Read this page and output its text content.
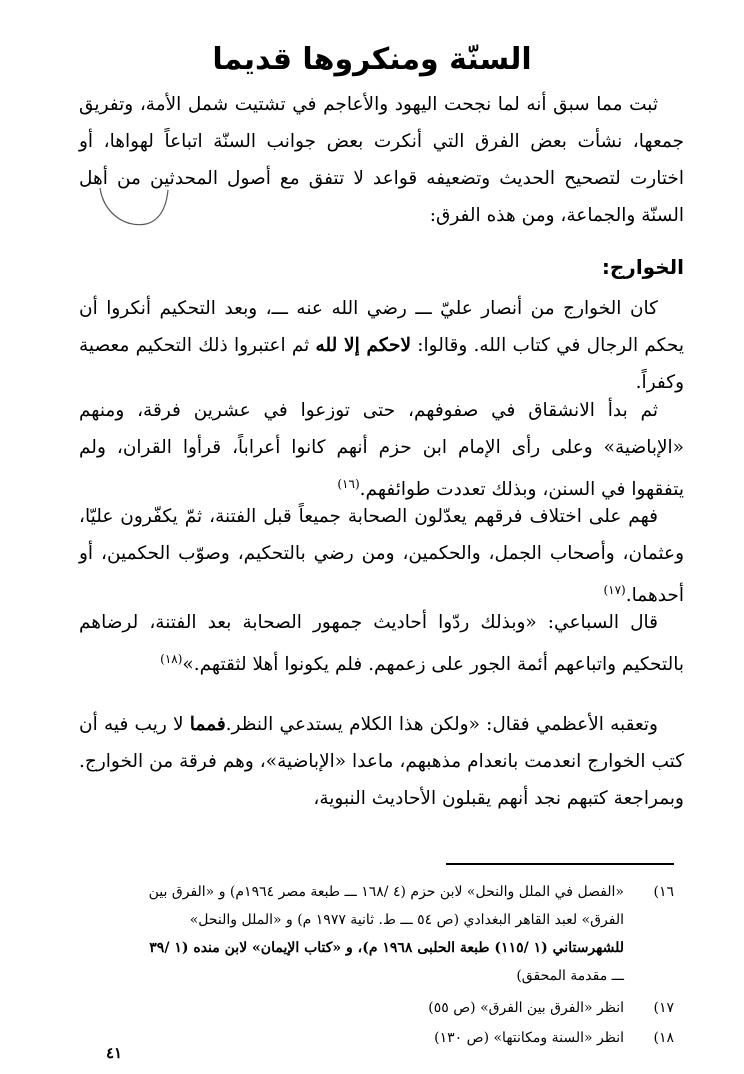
السنّة ومنكروها قديما
ثبت مما سبق أنه لما نجحت اليهود والأعاجم في تشتيت شمل الأمة، وتفريق جمعها، نشأت بعض الفرق التي أنكرت بعض جوانب السنّة اتباعاً لهواها، أو اختارت لتصحيح الحديث وتضعيفه قواعد لا تتفق مع أصول المحدثين من أهل السنّة والجماعة، ومن هذه الفرق:
الخوارج:
كان الخوارج من أنصار عليّ ـــ رضي الله عنه ـــ، وبعد التحكيم أنكروا أن يحكم الرجال في كتاب الله. وقالوا: لاحكم إلا لله ثم اعتبروا ذلك التحكيم معصية وكفراً.
ثم بدأ الانشقاق في صفوفهم، حتى توزعوا في عشرين فرقة، ومنهم «الإباضية» وعلى رأى الإمام ابن حزم أنهم كانوا أعراباً، قرأوا القران، ولم يتفقهوا في السنن، وبذلك تعددت طوائفهم.$^{(١٦)}$
فهم على اختلاف فرقهم يعدّلون الصحابة جميعاً قبل الفتنة، ثمّ يكفّرون عليّا، وعثمان، وأصحاب الجمل، والحكمين، ومن رضي بالتحكيم، وصوّب الحكمين، أو أحدهما.$^{(١٧)}$
قال السباعي: «وبذلك ردّوا أحاديث جمهور الصحابة بعد الفتنة، لرضاهم بالتحكيم واتباعهم أئمة الجور على زعمهم. فلم يكونوا أهلا لثقتهم.»$^{(١٨)}$
وتعقبه الأعظمي فقال: «ولكن هذا الكلام يستدعي النظر.فمما لا ريب فيه أن كتب الخوارج انعدمت بانعدام مذهبهم، ماعدا «الإباضية»، وهم فرقة من الخوارج. وبمراجعة كتبهم نجد أنهم يقبلون الأحاديث النبوية،
١٦)«الفصل في الملل والنحل» لابن حزم (٤ /١٦٨ ـــ طبعة مصر ١٩٦٤م) و «الفرق بين
الفرق» لعبد القاهر البغدادي (ص ٥٤ ـــ ط. ثانية ١٩٧٧ م) و «الملل والنحل»
للشهرستاني (١ /١١٥) طبعة الحلبى ١٩٦٨ م)، و «كتاب الإيمان» لابن منده (١ /٣٩
ـــ مقدمة المحقق)
١٧)انظر «الفرق بين الفرق» (ص ٥٥)
١٨)انظر «السنة ومكانتها» (ص ١٣٠)
٤١
